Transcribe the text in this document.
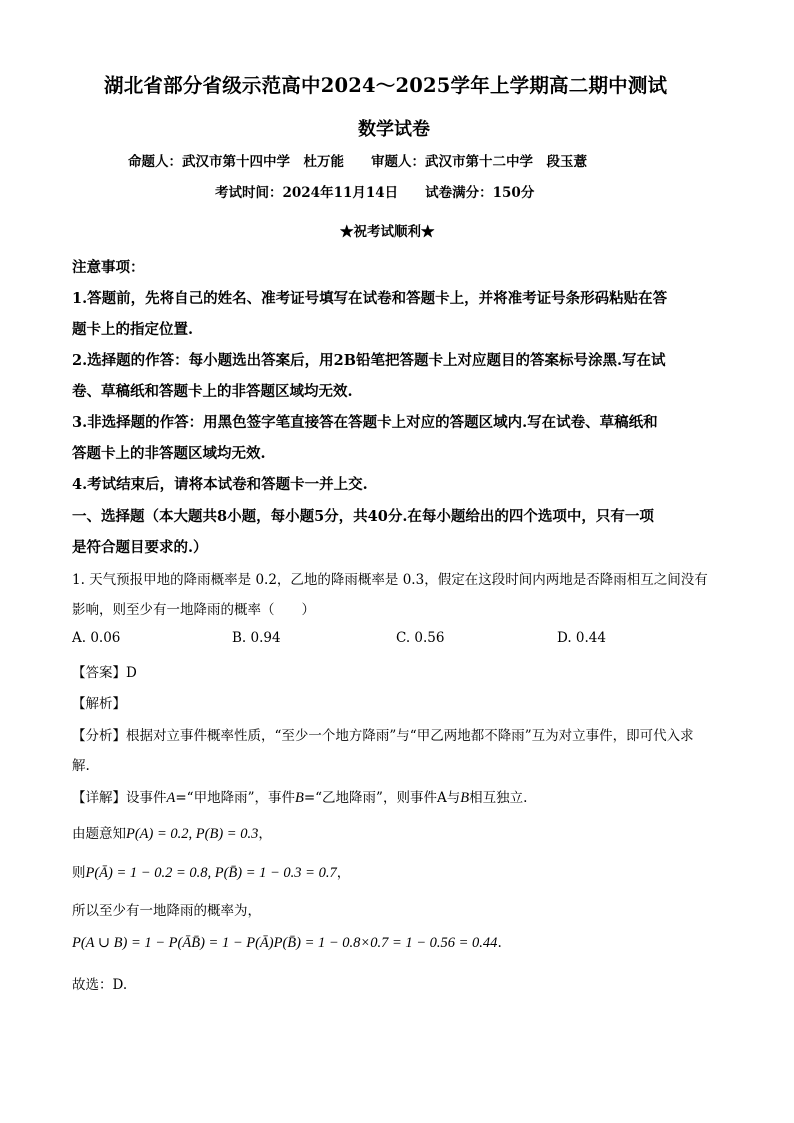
湖北省部分省级示范高中2024～2025学年上学期高二期中测试
数学试卷
命题人：武汉市第十四中学　杜万能　　审题人：武汉市第十二中学　段玉薏
考试时间：2024年11月14日　　试卷满分：150分
★祝考试顺利★
注意事项：
1.答题前，先将自己的姓名、准考证号填写在试卷和答题卡上，并将准考证号条形码粘贴在答
题卡上的指定位置.
2.选择题的作答：每小题选出答案后，用2B铅笔把答题卡上对应题目的答案标号涂黑.写在试
卷、草稿纸和答题卡上的非答题区域均无效.
3.非选择题的作答：用黑色签字笔直接答在答题卡上对应的答题区域内.写在试卷、草稿纸和
答题卡上的非答题区域均无效.
4.考试结束后，请将本试卷和答题卡一并上交.
一、选择题（本大题共8小题，每小题5分，共40分.在每小题给出的四个选项中，只有一项
是符合题目要求的.）
1. 天气预报甲地的降雨概率是 0.2，乙地的降雨概率是 0.3，假定在这段时间内两地是否降雨相互之间没有
影响，则至少有一地降雨的概率（　　）
A. 0.06	B. 0.94	C. 0.56	D. 0.44
【答案】D
【解析】
【分析】根据对立事件概率性质，“至少一个地方降雨”与“甲乙两地都不降雨”互为对立事件，即可代入求
解.
【详解】设事件A=“甲地降雨”，事件B=“乙地降雨”，则事件A与B相互独立.
由题意知P(A) = 0.2, P(B) = 0.3，
则P(Ā) = 1 − 0.2 = 0.8, P(B̄) = 1 − 0.3 = 0.7，
所以至少有一地降雨的概率为，
P(A ∪ B) = 1 − P(ĀB̄) = 1 − P(Ā)P(B̄) = 1 − 0.8×0.7 = 1 − 0.56 = 0.44.
故选：D.
